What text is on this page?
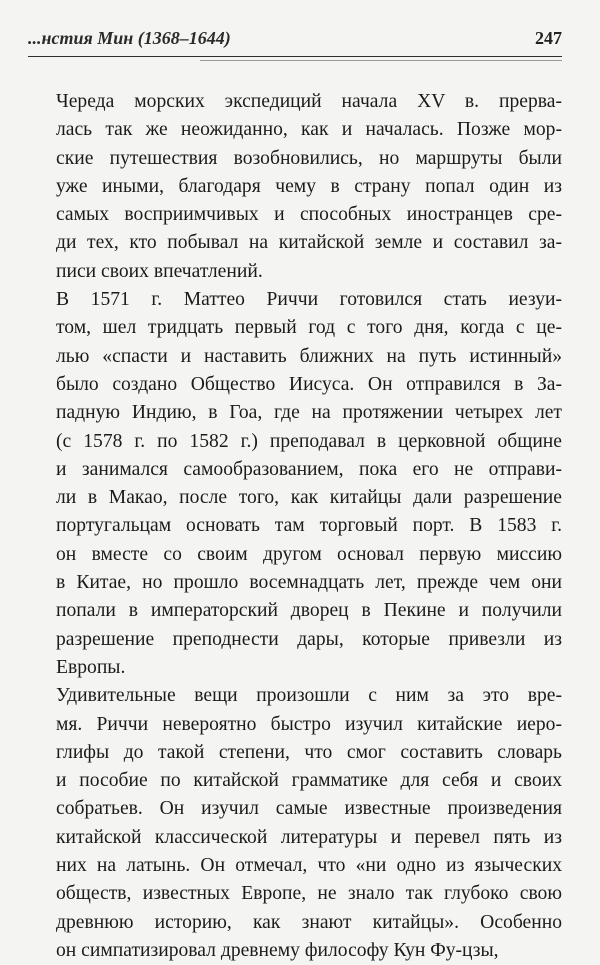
...нстия Мин (1368–1644)	247
Череда морских экспедиций начала XV в. прерва-
лась так же неожиданно, как и началась. Позже мор-
ские путешествия возобновились, но маршруты были
уже иными, благодаря чему в страну попал один из
самых восприимчивых и способных иностранцев сре-
ди тех, кто побывал на китайской земле и составил за-
писи своих впечатлений.
В 1571 г. Маттео Риччи готовился стать иезуи-
том, шел тридцать первый год с того дня, когда с це-
лью «спасти и наставить ближних на путь истинный»
было создано Общество Иисуса. Он отправился в За-
падную Индию, в Гоа, где на протяжении четырех лет
(с 1578 г. по 1582 г.) преподавал в церковной общине
и занимался самообразованием, пока его не отправи-
ли в Макао, после того, как китайцы дали разрешение
португальцам основать там торговый порт. В 1583 г.
он вместе со своим другом основал первую миссию
в Китае, но прошло восемнадцать лет, прежде чем они
попали в императорский дворец в Пекине и получили
разрешение преподнести дары, которые привезли из
Европы.
Удивительные вещи произошли с ним за это вре-
мя. Риччи невероятно быстро изучил китайские иеро-
глифы до такой степени, что смог составить словарь
и пособие по китайской грамматике для себя и своих
собратьев. Он изучил самые известные произведения
китайской классической литературы и перевел пять из
них на латынь. Он отмечал, что «ни одно из языческих
обществ, известных Европе, не знало так глубоко свою
древнюю историю, как знают китайцы». Особенно
он симпатизировал древнему философу Кун Фу-цзы,
